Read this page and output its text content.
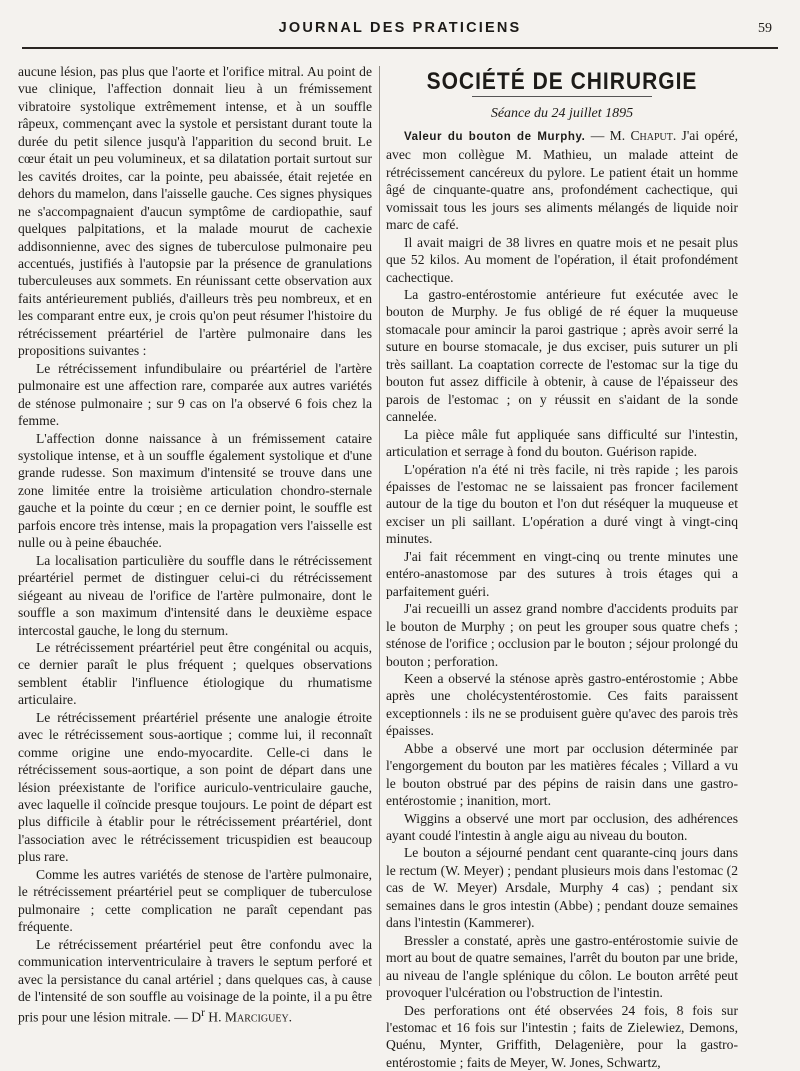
JOURNAL DES PRATICIENS	59

aucune lésion, pas plus que l'aorte et l'orifice mitral. Au point de vue clinique, l'affection donnait lieu à un frémissement vibratoire systolique extrêmement intense, et à un souffle râpeux, commençant avec la systole et persistant durant toute la durée du petit silence jusqu'à l'apparition du second bruit. Le cœur était un peu volumineux, et sa dilatation portait surtout sur les cavités droites, car la pointe, peu abaissée, était rejetée en dehors du mamelon, dans l'aisselle gauche. Ces signes physiques ne s'accompagnaient d'aucun symptôme de cardiopathie, sauf quelques palpitations, et la malade mourut de cachexie addisonnienne, avec des signes de tuberculose pulmonaire peu accentués, justifiés à l'autopsie par la présence de granulations tuberculeuses aux sommets. En réunissant cette observation aux faits antérieurement publiés, d'ailleurs très peu nombreux, et en les comparant entre eux, je crois qu'on peut résumer l'histoire du rétrécissement préartériel de l'artère pulmonaire dans les propositions suivantes :

Le rétrécissement infundibulaire ou préartériel de l'artère pulmonaire est une affection rare, comparée aux autres variétés de sténose pulmonaire ; sur 9 cas on l'a observé 6 fois chez la femme.

L'affection donne naissance à un frémissement cataire systolique intense, et à un souffle également systolique et d'une grande rudesse. Son maximum d'intensité se trouve dans une zone limitée entre la troisième articulation chondro-sternale gauche et la pointe du cœur ; en ce dernier point, le souffle est parfois encore très intense, mais la propagation vers l'aisselle est nulle ou à peine ébauchée.

La localisation particulière du souffle dans le rétrécissement préartériel permet de distinguer celui-ci du rétrécissement siégeant au niveau de l'orifice de l'artère pulmonaire, dont le souffle a son maximum d'intensité dans le deuxième espace intercostal gauche, le long du sternum.

Le rétrécissement préartériel peut être congénital ou acquis, ce dernier paraît le plus fréquent ; quelques observations semblent établir l'influence étiologique du rhumatisme articulaire.

Le rétrécissement préartériel présente une analogie étroite avec le rétrécissement sous-aortique ; comme lui, il reconnaît comme origine une endo-myocardite. Celle-ci dans le rétrécissement sous-aortique, a son point de départ dans une lésion préexistante de l'orifice auriculo-ventriculaire gauche, avec laquelle il coïncide presque toujours. Le point de départ est plus difficile à établir pour le rétrécissement préartériel, dont l'association avec le rétrécissement tricuspidien est beaucoup plus rare.

Comme les autres variétés de stenose de l'artère pulmonaire, le rétrécissement préartériel peut se compliquer de tuberculose pulmonaire ; cette complication ne paraît cependant pas fréquente.

Le rétrécissement préartériel peut être confondu avec la communication interventriculaire à travers le septum perforé et avec la persistance du canal artériel ; dans quelques cas, à cause de l'intensité de son souffle au voisinage de la pointe, il a pu être pris pour une lésion mitrale. — $D^r$ H. Marciguey.

SOCIÉTÉ DE CHIRURGIE
Séance du 24 juillet 1895

Valeur du bouton de Murphy. — M. Chaput. J'ai opéré, avec mon collègue M. Mathieu, un malade atteint de rétrécissement cancéreux du pylore. Le patient était un homme âgé de cinquante-quatre ans, profondément cachectique, qui vomissait tous les jours ses aliments mélangés de liquide noir marc de café.

Il avait maigri de 38 livres en quatre mois et ne pesait plus que 52 kilos. Au moment de l'opération, il était profondément cachectique.

La gastro-entérostomie antérieure fut exécutée avec le bouton de Murphy. Je fus obligé de ré équer la muqueuse stomacale pour amincir la paroi gastrique ; après avoir serré la suture en bourse stomacale, je dus exciser, puis suturer un pli très saillant. La coaptation correcte de l'estomac sur la tige du bouton fut assez difficile à obtenir, à cause de l'épaisseur des parois de l'estomac ; on y réussit en s'aidant de la sonde cannelée.

La pièce mâle fut appliquée sans difficulté sur l'intestin, articulation et serrage à fond du bouton. Guérison rapide.

L'opération n'a été ni très facile, ni très rapide ; les parois épaisses de l'estomac ne se laissaient pas froncer facilement autour de la tige du bouton et l'on dut réséquer la muqueuse et exciser un pli saillant. L'opération a duré vingt à vingt-cinq minutes.

J'ai fait récemment en vingt-cinq ou trente minutes une entéro-anastomose par des sutures à trois étages qui a parfaitement guéri.

J'ai recueilli un assez grand nombre d'accidents produits par le bouton de Murphy ; on peut les grouper sous quatre chefs ; sténose de l'orifice ; occlusion par le bouton ; séjour prolongé du bouton ; perforation.

Keen a observé la sténose après gastro-entérostomie ; Abbe après une cholécystentérostomie. Ces faits paraissent exceptionnels : ils ne se produisent guère qu'avec des parois très épaisses.

Abbe a observé une mort par occlusion déterminée par l'engorgement du bouton par les matières fécales ; Villard a vu le bouton obstrué par des pépins de raisin dans une gastro-entérostomie ; inanition, mort.

Wiggins a observé une mort par occlusion, des adhérences ayant coudé l'intestin à angle aigu au niveau du bouton.

Le bouton a séjourné pendant cent quarante-cinq jours dans le rectum (W. Meyer) ; pendant plusieurs mois dans l'estomac (2 cas de W. Meyer) Arsdale, Murphy 4 cas) ; pendant six semaines dans le gros intestin (Abbe) ; pendant douze semaines dans l'intestin (Kammerer).

Bressler a constaté, après une gastro-entérostomie suivie de mort au bout de quatre semaines, l'arrêt du bouton par une bride, au niveau de l'angle splénique du côlon. Le bouton arrêté peut provoquer l'ulcération ou l'obstruction de l'intestin.

Des perforations ont été observées 24 fois, 8 fois sur l'estomac et 16 fois sur l'intestin ; faits de Zielewiez, Demons, Quénu, Mynter, Griffith, Delagenière, pour la gastro-entérostomie ; faits de Meyer, W. Jones, Schwartz,
